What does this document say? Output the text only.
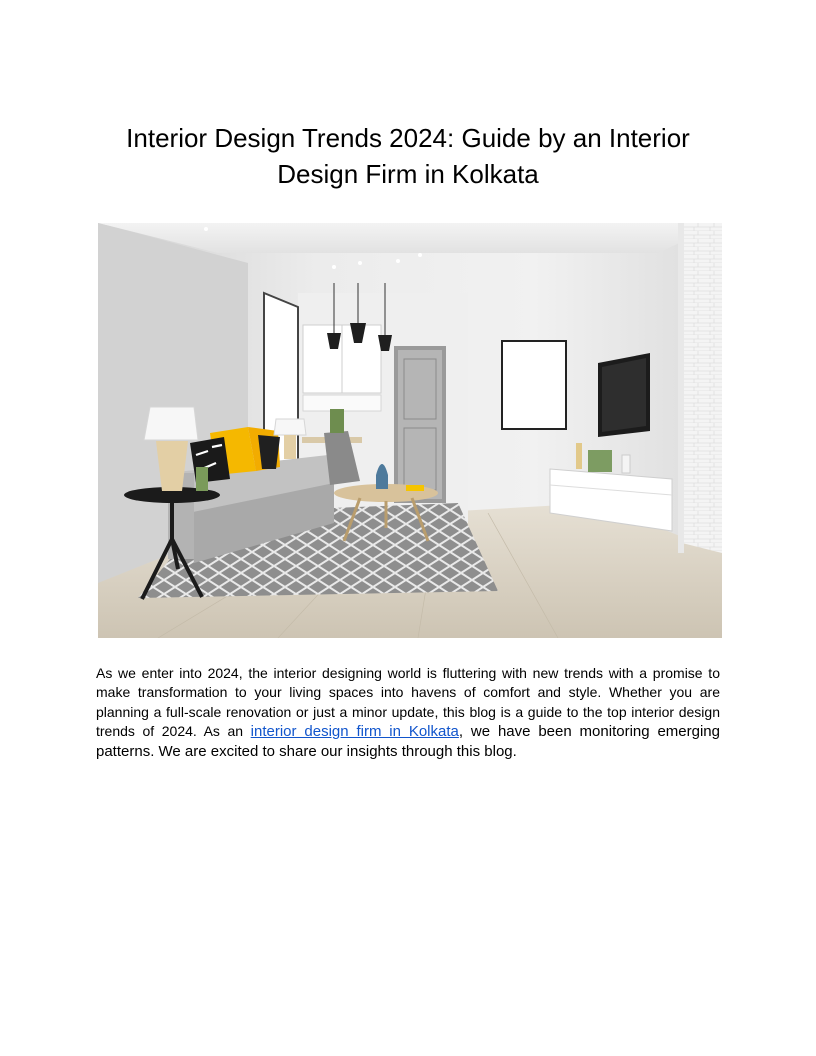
Interior Design Trends 2024: Guide by an Interior Design Firm in Kolkata

As we enter into 2024, the interior designing world is fluttering with new trends with a promise to make transformation to your living spaces into havens of comfort and style. Whether you are planning a full-scale renovation or just a minor update, this blog is a guide to the top interior design trends of 2024. As an interior design firm in Kolkata, we have been monitoring emerging patterns. We are excited to share our insights through this blog.
